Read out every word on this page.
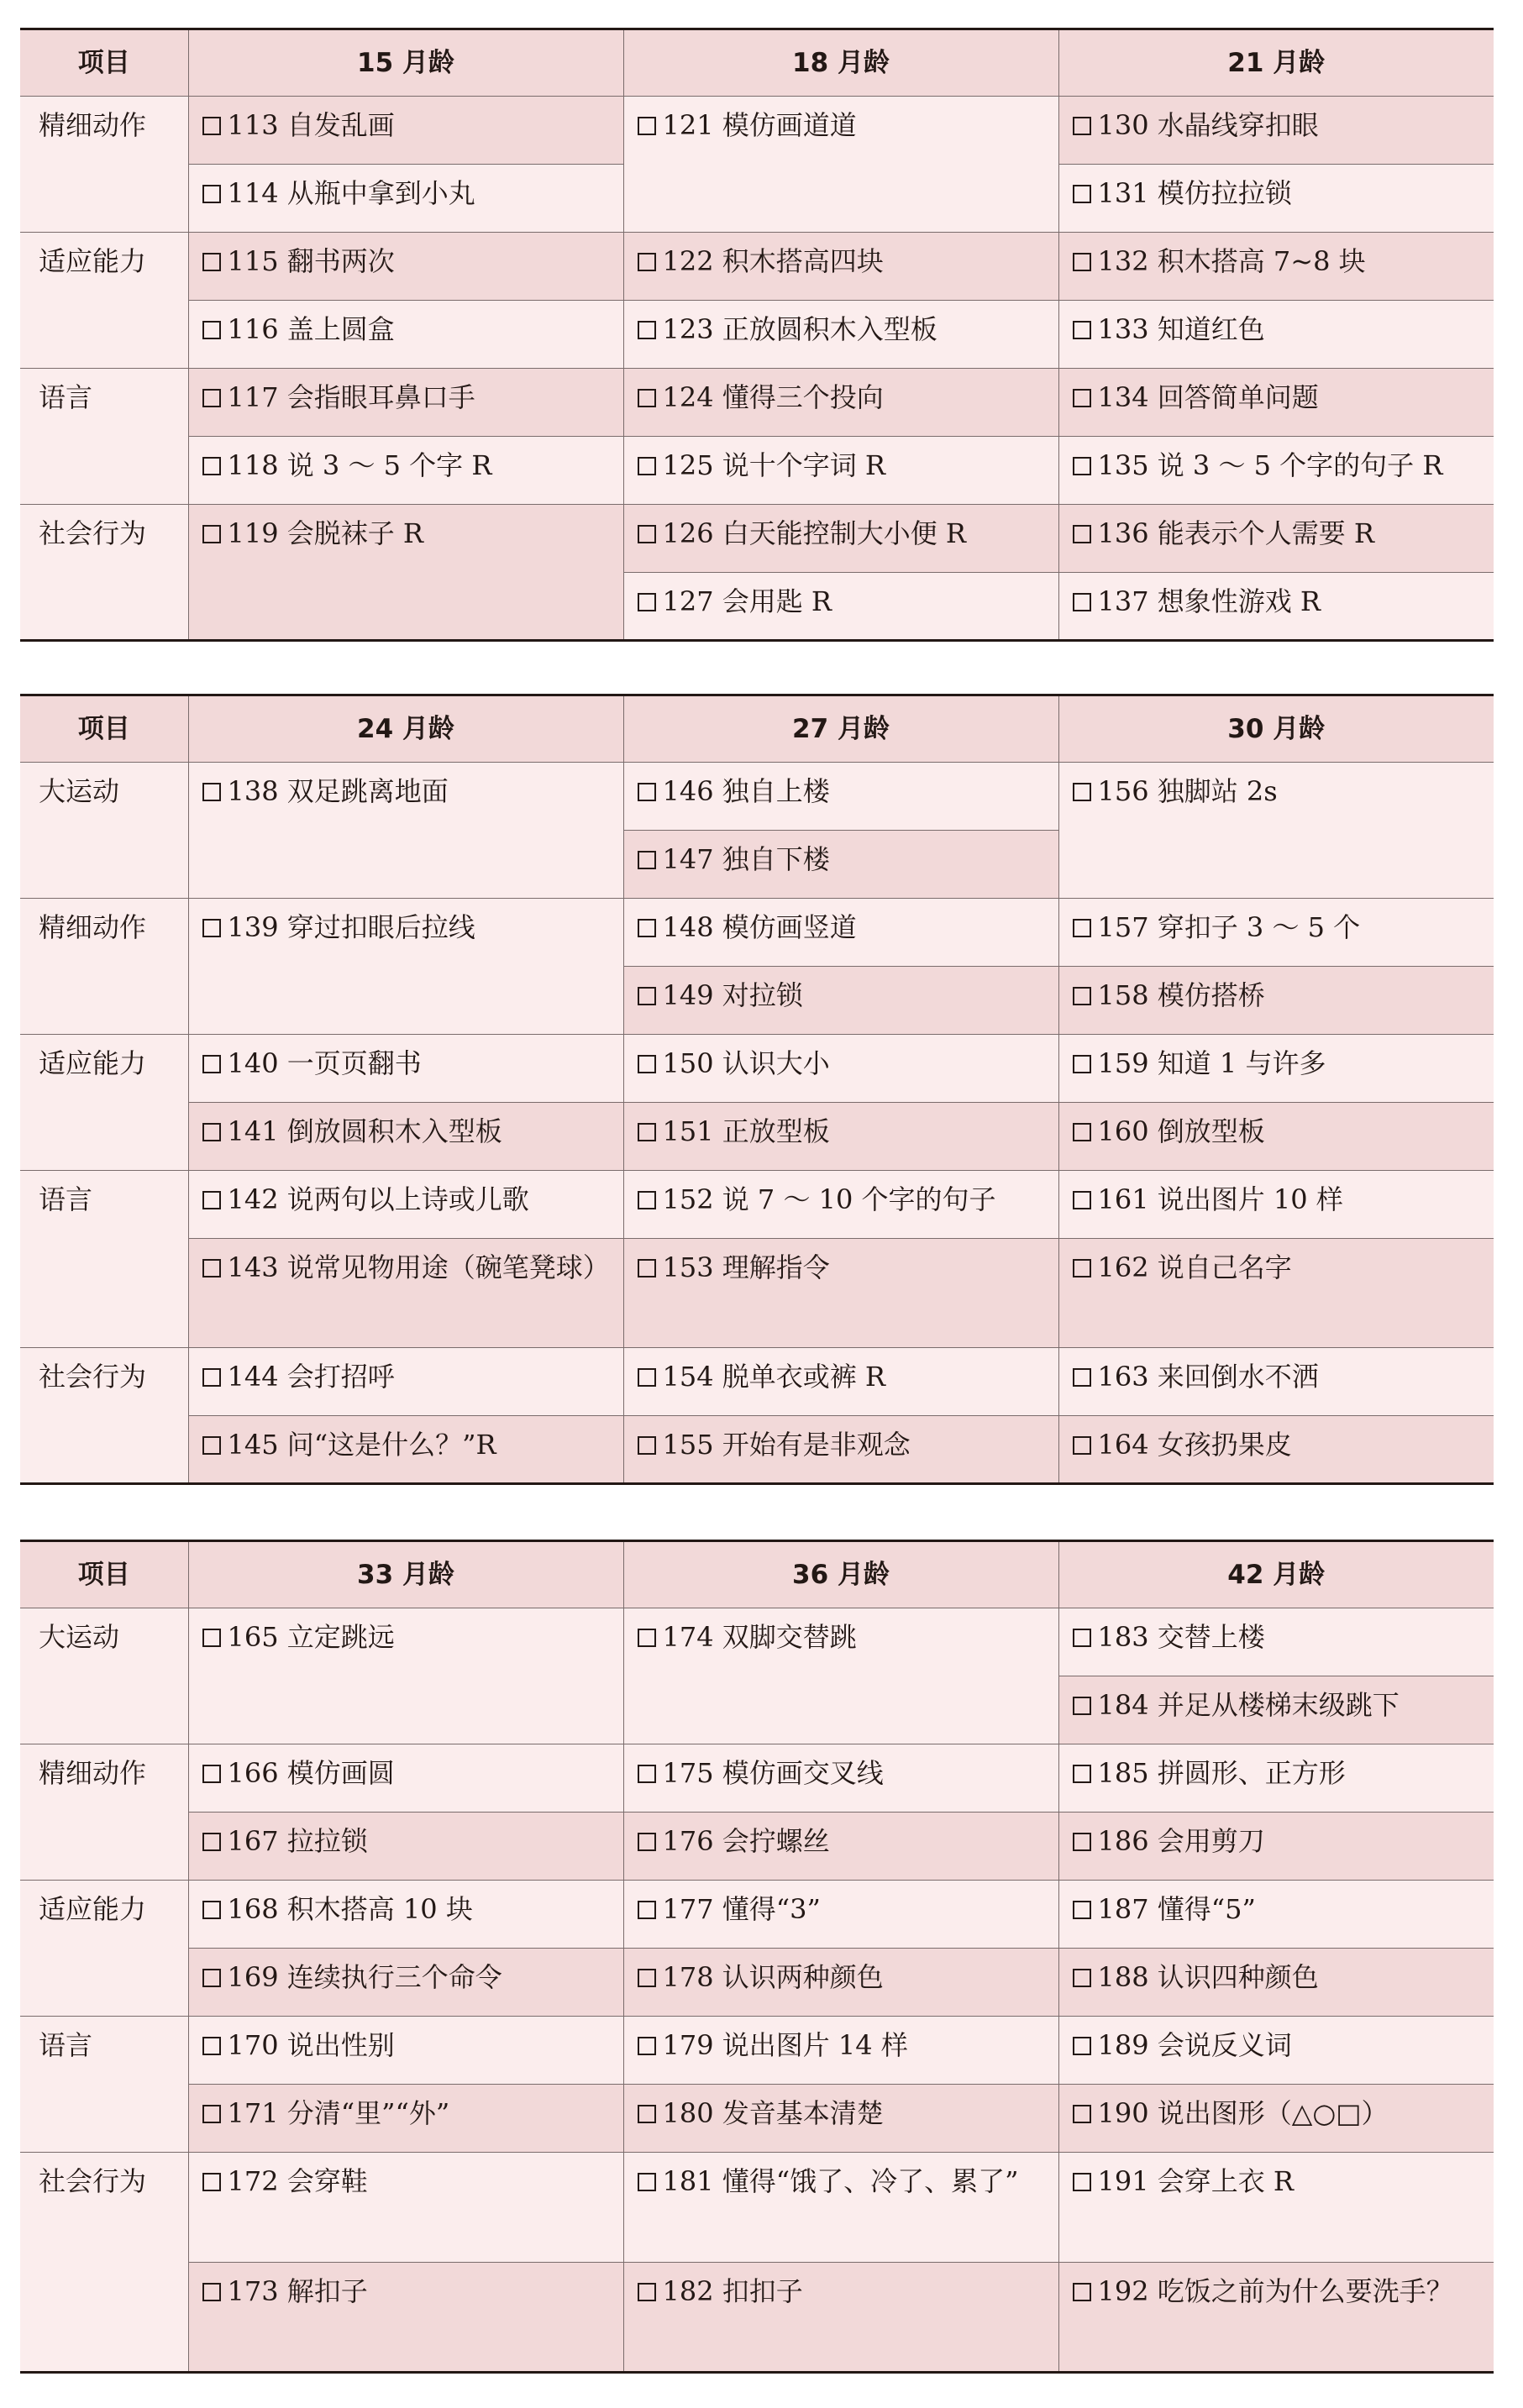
项目	15 月龄	18 月龄	21 月龄
精细动作	113 自发乱画	121 模仿画道道	130 水晶线穿扣眼
	114 从瓶中拿到小丸		131 模仿拉拉锁
适应能力	115 翻书两次	122 积木搭高四块	132 积木搭高 7~8 块
	116 盖上圆盒	123 正放圆积木入型板	133 知道红色
语言	117 会指眼耳鼻口手	124 懂得三个投向	134 回答简单问题
	118 说 3 ～ 5 个字 R	125 说十个字词 R	135 说 3 ～ 5 个字的句子 R
社会行为	119 会脱袜子 R	126 白天能控制大小便 R	136 能表示个人需要 R
		127 会用匙 R	137 想象性游戏 R
项目	24 月龄	27 月龄	30 月龄
大运动	138 双足跳离地面	146 独自上楼	156 独脚站 2s
		147 独自下楼	
精细动作	139 穿过扣眼后拉线	148 模仿画竖道	157 穿扣子 3 ～ 5 个
		149 对拉锁	158 模仿搭桥
适应能力	140 一页页翻书	150 认识大小	159 知道 1 与许多
	141 倒放圆积木入型板	151 正放型板	160 倒放型板
语言	142 说两句以上诗或儿歌	152 说 7 ～ 10 个字的句子	161 说出图片 10 样
	143 说常见物用途（碗笔凳球）	153 理解指令	162 说自己名字
社会行为	144 会打招呼	154 脱单衣或裤 R	163 来回倒水不洒
	145 问“这是什么？”R	155 开始有是非观念	164 女孩扔果皮
项目	33 月龄	36 月龄	42 月龄
大运动	165 立定跳远	174 双脚交替跳	183 交替上楼
			184 并足从楼梯末级跳下
精细动作	166 模仿画圆	175 模仿画交叉线	185 拼圆形、正方形
	167 拉拉锁	176 会拧螺丝	186 会用剪刀
适应能力	168 积木搭高 10 块	177 懂得“3”	187 懂得“5”
	169 连续执行三个命令	178 认识两种颜色	188 认识四种颜色
语言	170 说出性别	179 说出图片 14 样	189 会说反义词
	171 分清“里”“外”	180 发音基本清楚	190 说出图形（△○□）
社会行为	172 会穿鞋	181 懂得“饿了、冷了、累了”	191 会穿上衣 R
	173 解扣子	182 扣扣子	192 吃饭之前为什么要洗手？
